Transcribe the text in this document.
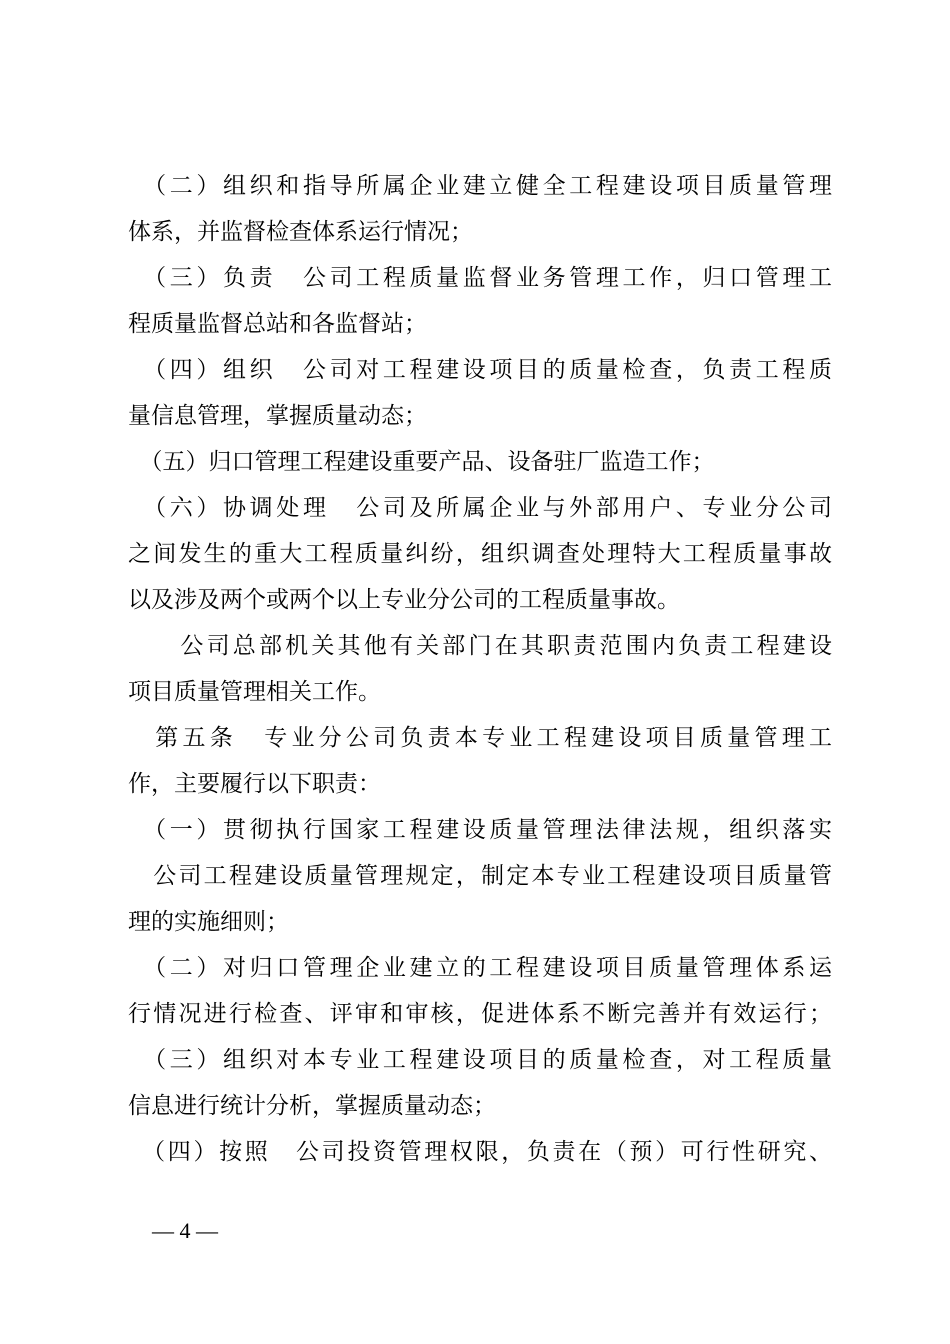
　（二）组织和指导所属企业建立健全工程建设项目质量管理
体系，并监督检查体系运行情况；
　（三）负责　公司工程质量监督业务管理工作，归口管理工
程质量监督总站和各监督站；
　（四）组织　公司对工程建设项目的质量检查，负责工程质
量信息管理，掌握质量动态；
　（五）归口管理工程建设重要产品、设备驻厂监造工作；
　（六）协调处理　公司及所属企业与外部用户、专业分公司
之间发生的重大工程质量纠纷，组织调查处理特大工程质量事故
以及涉及两个或两个以上专业分公司的工程质量事故。
　　公司总部机关其他有关部门在其职责范围内负责工程建设
项目质量管理相关工作。
　第五条　专业分公司负责本专业工程建设项目质量管理工
作，主要履行以下职责：
　（一）贯彻执行国家工程建设质量管理法律法规，组织落实
　公司工程建设质量管理规定，制定本专业工程建设项目质量管
理的实施细则；
　（二）对归口管理企业建立的工程建设项目质量管理体系运
行情况进行检查、评审和审核，促进体系不断完善并有效运行；
　（三）组织对本专业工程建设项目的质量检查，对工程质量
信息进行统计分析，掌握质量动态；
　（四）按照　公司投资管理权限，负责在（预）可行性研究、
— 4 —
